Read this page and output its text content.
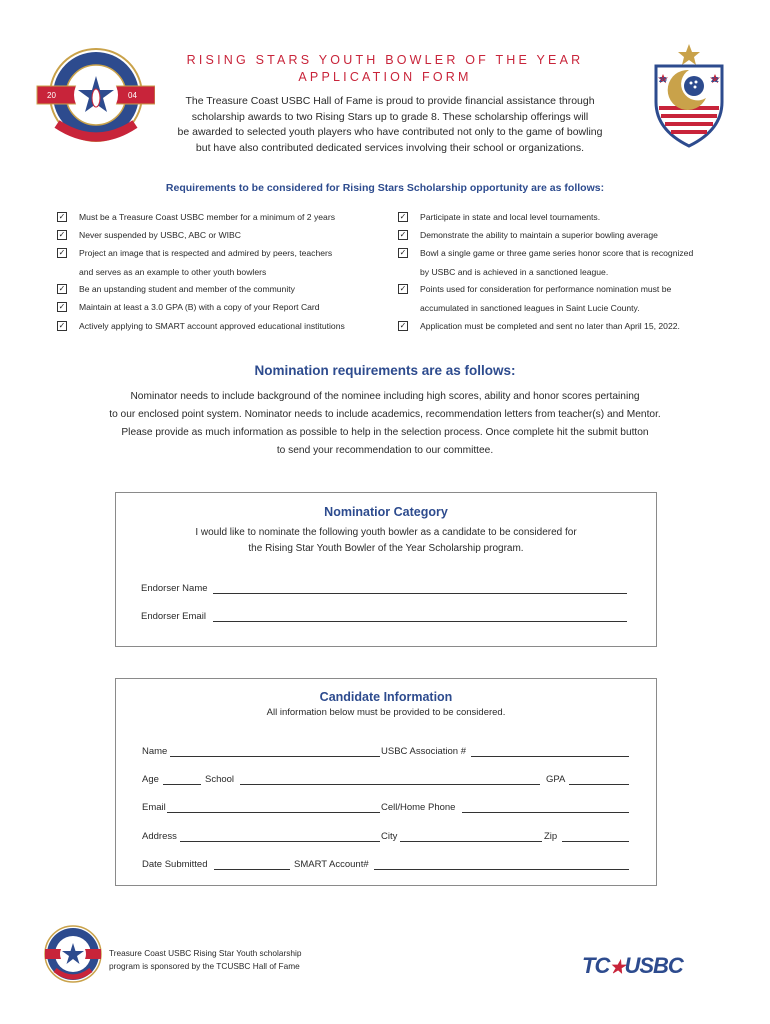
20	04
20	22
RISING STARS YOUTH BOWLER OF THE YEAR
APPLICATION FORM
The Treasure Coast USBC Hall of Fame is proud to provide financial assistance through
scholarship awards to two Rising Stars up to grade 8. These scholarship offerings will
be awarded to selected youth players who have contributed not only to the game of bowling
but have also contributed dedicated services involving their school or organizations.
Requirements to be considered for Rising Stars Scholarship opportunity are as follows:
✓ Must be a Treasure Coast USBC member for a minimum of 2 years
✓ Never suspended by USBC, ABC or WIBC
✓ Project an image that is respected and admired by peers, teachers
and serves as an example to other youth bowlers
✓ Be an upstanding student and member of the community
✓ Maintain at least a 3.0 GPA (B) with a copy of your Report Card
✓ Actively applying to SMART account approved educational institutions
✓ Participate in state and local level tournaments.
✓ Demonstrate the ability to maintain a superior bowling average
✓ Bowl a single game or three game series honor score that is recognized
by USBC and is achieved in a sanctioned league.
✓ Points used for consideration for performance nomination must be
accumulated in sanctioned leagues in Saint Lucie County.
✓ Application must be completed and sent no later than April 15, 2022.
Nomination requirements are as follows:
Nominator needs to include background of the nominee including high scores, ability and honor scores pertaining
to our enclosed point system. Nominator needs to include academics, recommendation letters from teacher(s) and Mentor.
Please provide as much information as possible to help in the selection process. Once complete hit the submit button
to send your recommendation to our committee.
Nominatior Category
I would like to nominate the following youth bowler as a candidate to be considered for
the Rising Star Youth Bowler of the Year Scholarship program.
Endorser Name
Endorser Email
Candidate Information
All information below must be provided to be considered.
Name	USBC Association #
Age	School	GPA
Email	Cell/Home Phone
Address	City	Zip
Date Submitted	SMART Account#
Treasure Coast USBC Rising Star Youth scholarship
program is sponsored by the TCUSBC Hall of Fame	TC★USBC
